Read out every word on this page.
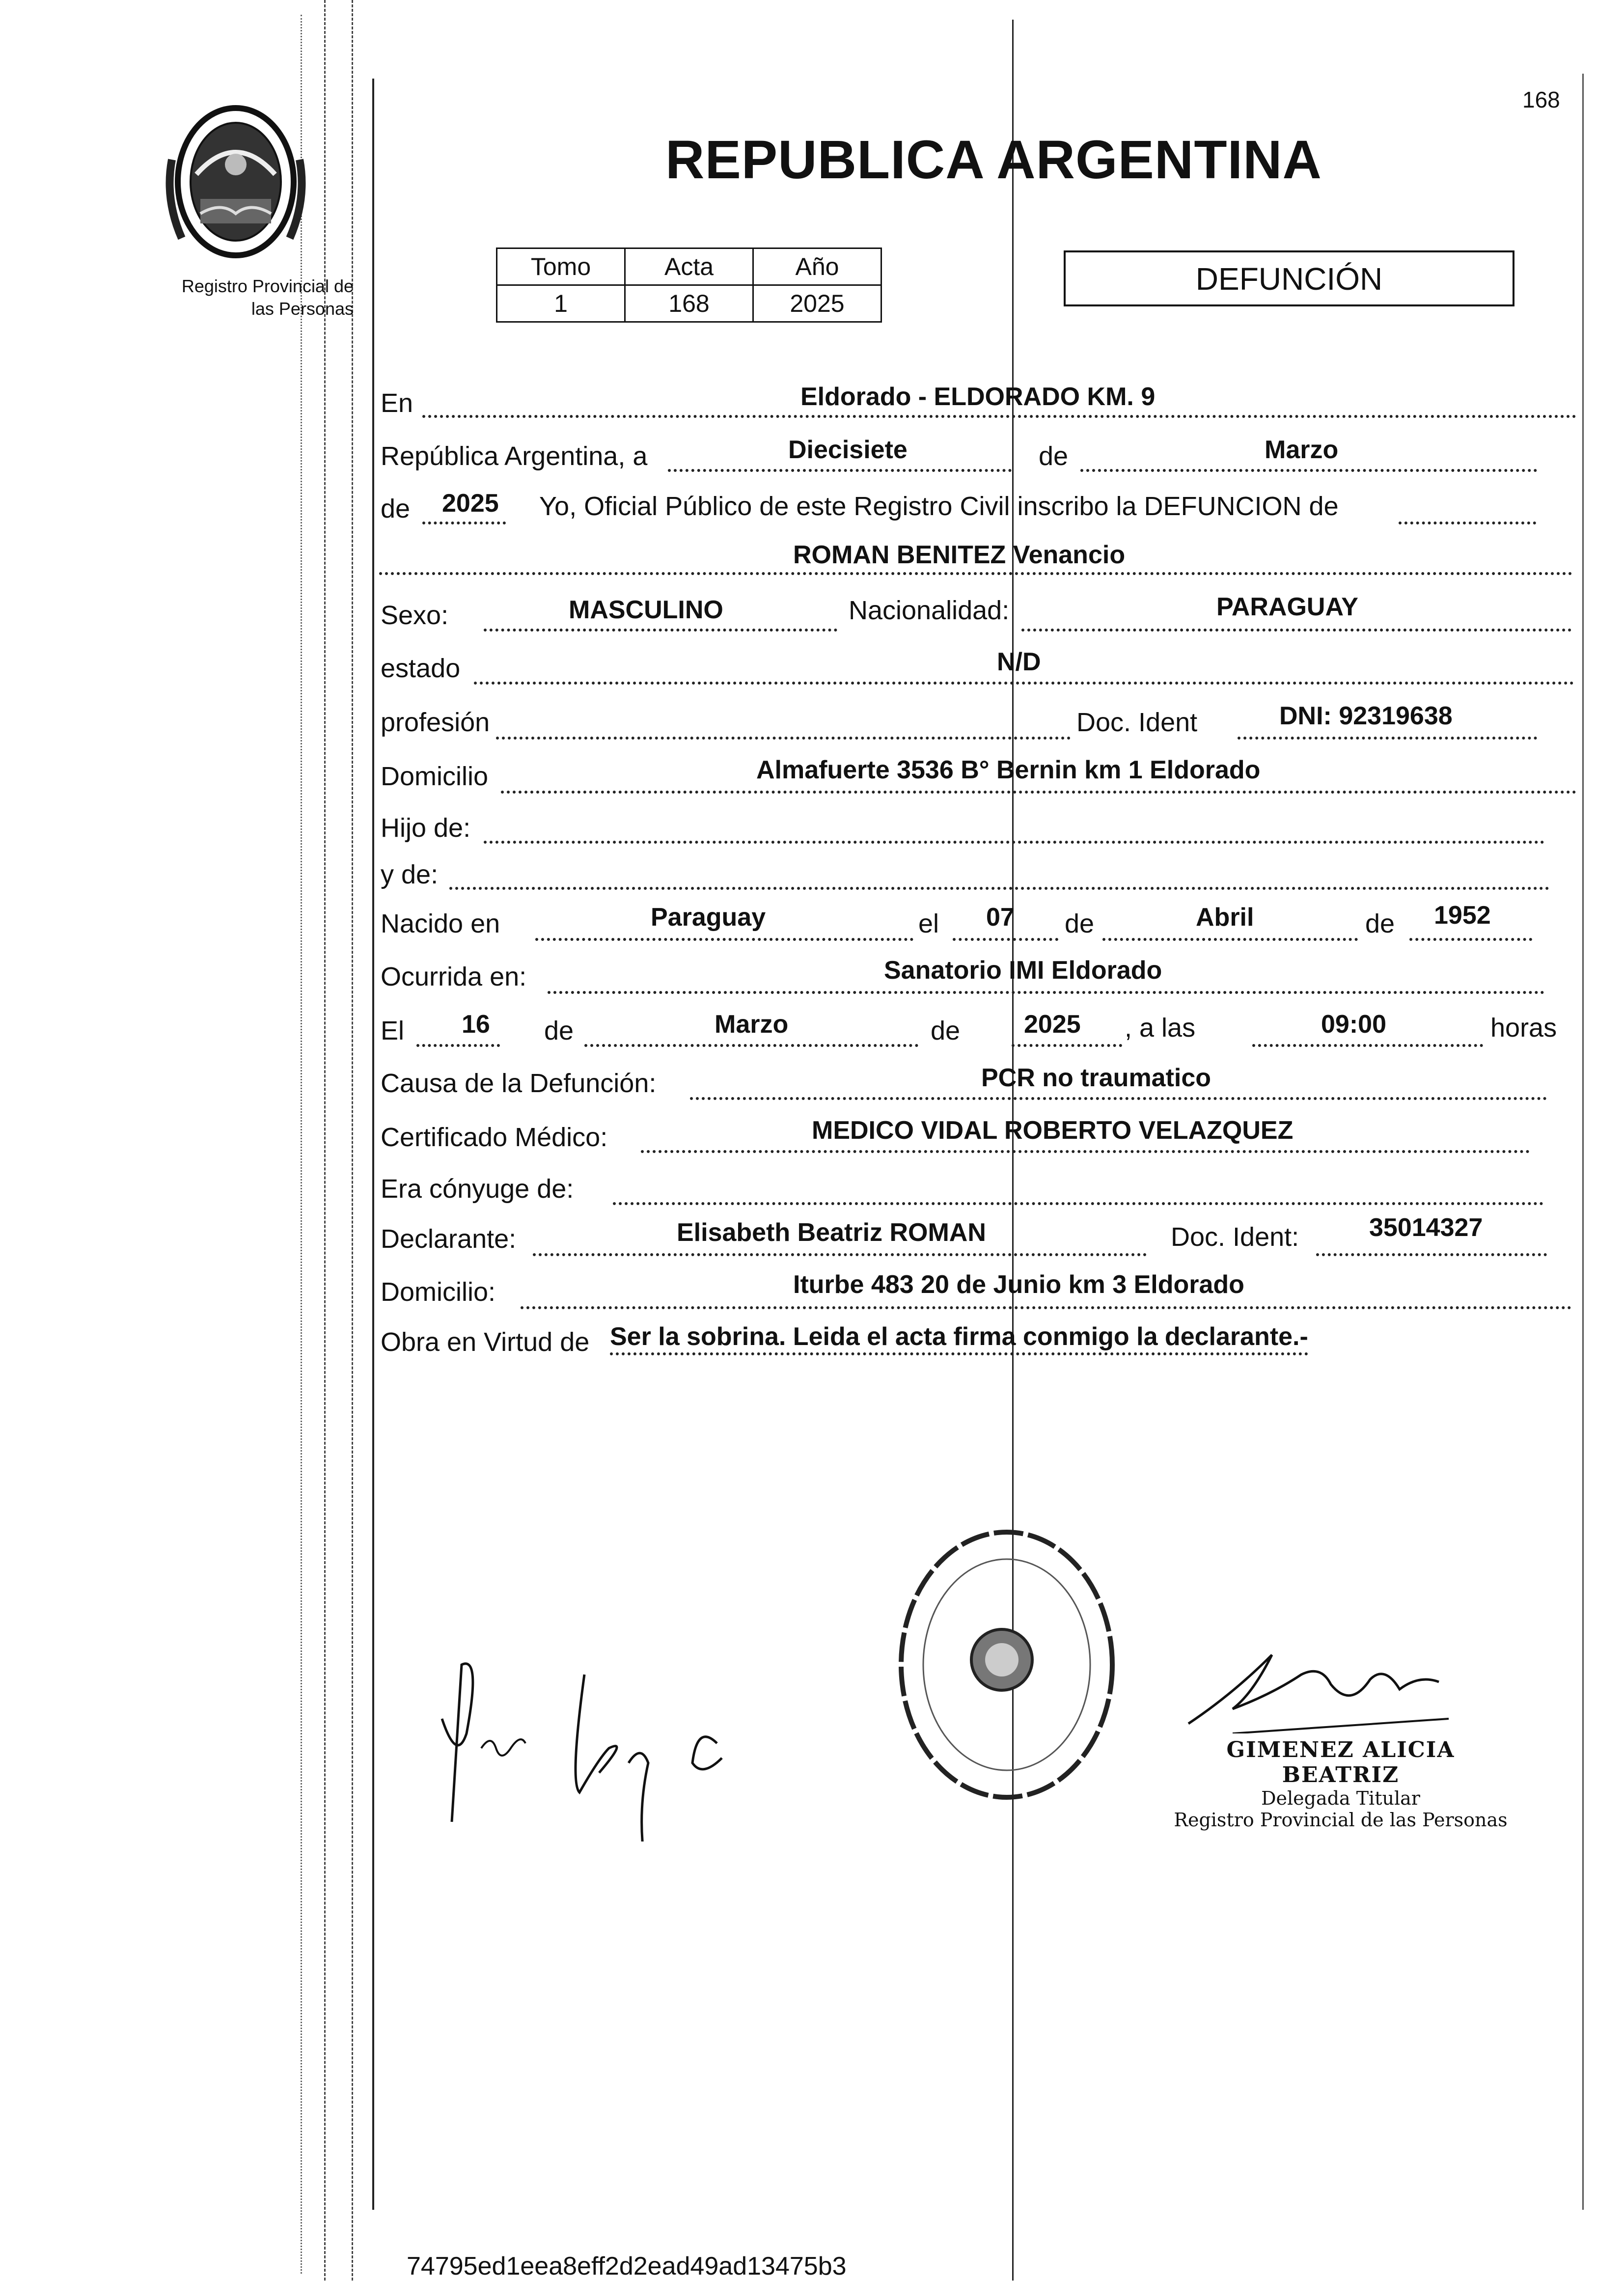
Registro Provincial de
las Personas
168
REPUBLICA ARGENTINA
Tomo	Acta	Año
1	168	2025
DEFUNCIÓN
En	Eldorado - ELDORADO KM. 9
República Argentina, a	Diecisiete	de	Marzo
de 2025 Yo, Oficial Público de este Registro Civil inscribo la DEFUNCION de
ROMAN BENITEZ Venancio
Sexo:	MASCULINO	Nacionalidad:	PARAGUAY
estado	N/D
profesión	Doc. Ident	DNI: 92319638
Domicilio	Almafuerte 3536 B° Bernin km 1 Eldorado
Hijo de:
y de:
Nacido en	Paraguay	el 07 de	Abril	de 1952
Ocurrida en:	Sanatorio IMI Eldorado
El 16 de	Marzo	de 2025 , a las	09:00	horas
Causa de la Defunción:	PCR no traumatico
Certificado Médico:	MEDICO VIDAL ROBERTO VELAZQUEZ
Era cónyuge de:
Declarante:	Elisabeth Beatriz ROMAN	Doc. Ident:	35014327
Domicilio:	Iturbe 483 20 de Junio km 3 Eldorado
Obra en Virtud de Ser la sobrina. Leida el acta firma conmigo la declarante.-
GIMENEZ ALICIA BEATRIZ
Delegada Titular
Registro Provincial de las Personas
74795ed1eea8eff2d2ead49ad13475b3
